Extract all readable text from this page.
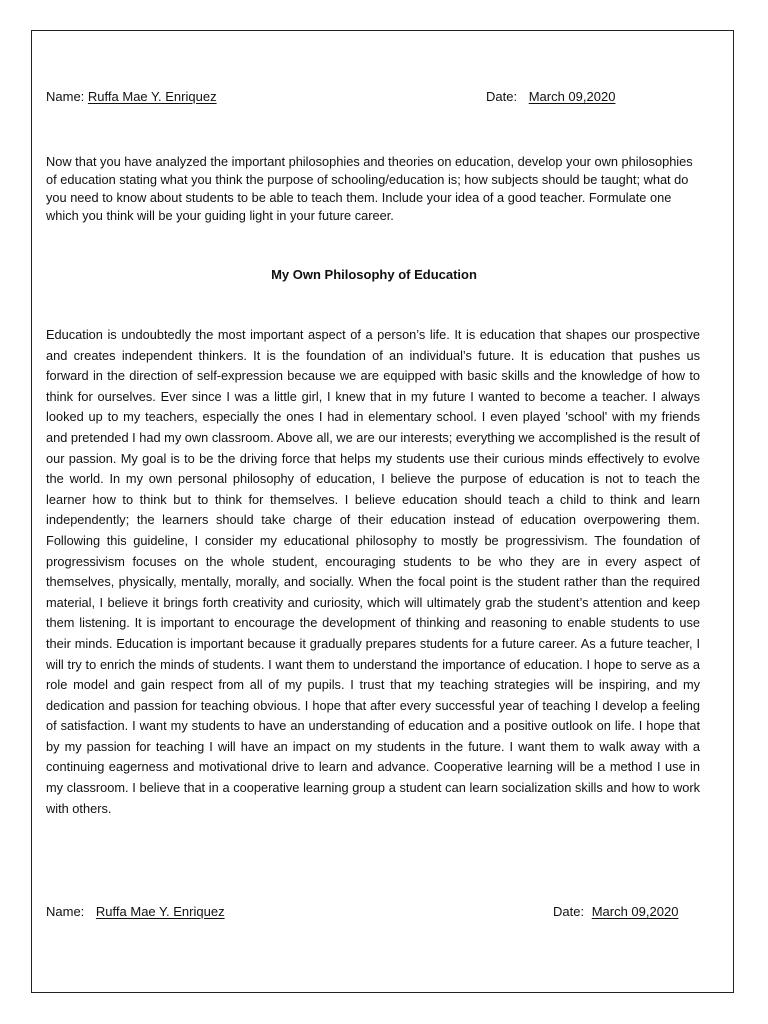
Name: Ruffa Mae Y. Enriquez	Date: March 09,2020

Now that you have analyzed the important philosophies and theories on education, develop your own philosophies of education stating what you think the purpose of schooling/education is; how subjects should be taught; what do you need to know about students to be able to teach them. Include your idea of a good teacher. Formulate one which you think will be your guiding light in your future career.

My Own Philosophy of Education

Education is undoubtedly the most important aspect of a person’s life. It is education that shapes our prospective and creates independent thinkers. It is the foundation of an individual’s future. It is education that pushes us forward in the direction of self-expression because we are equipped with basic skills and the knowledge of how to think for ourselves. Ever since I was a little girl, I knew that in my future I wanted to become a teacher. I always looked up to my teachers, especially the ones I had in elementary school. I even played 'school' with my friends and pretended I had my own classroom. Above all, we are our interests; everything we accomplished is the result of our passion. My goal is to be the driving force that helps my students use their curious minds effectively to evolve the world. In my own personal philosophy of education, I believe the purpose of education is not to teach the learner how to think but to think for themselves. I believe education should teach a child to think and learn independently; the learners should take charge of their education instead of education overpowering them. Following this guideline, I consider my educational philosophy to mostly be progressivism. The foundation of progressivism focuses on the whole student, encouraging students to be who they are in every aspect of themselves, physically, mentally, morally, and socially. When the focal point is the student rather than the required material, I believe it brings forth creativity and curiosity, which will ultimately grab the student’s attention and keep them listening. It is important to encourage the development of thinking and reasoning to enable students to use their minds. Education is important because it gradually prepares students for a future career. As a future teacher, I will try to enrich the minds of students. I want them to understand the importance of education. I hope to serve as a role model and gain respect from all of my pupils. I trust that my teaching strategies will be inspiring, and my dedication and passion for teaching obvious. I hope that after every successful year of teaching I develop a feeling of satisfaction. I want my students to have an understanding of education and a positive outlook on life. I hope that by my passion for teaching I will have an impact on my students in the future. I want them to walk away with a continuing eagerness and motivational drive to learn and advance. Cooperative learning will be a method I use in my classroom. I believe that in a cooperative learning group a student can learn socialization skills and how to work with others.

Name: Ruffa Mae Y. Enriquez	Date: March 09,2020
